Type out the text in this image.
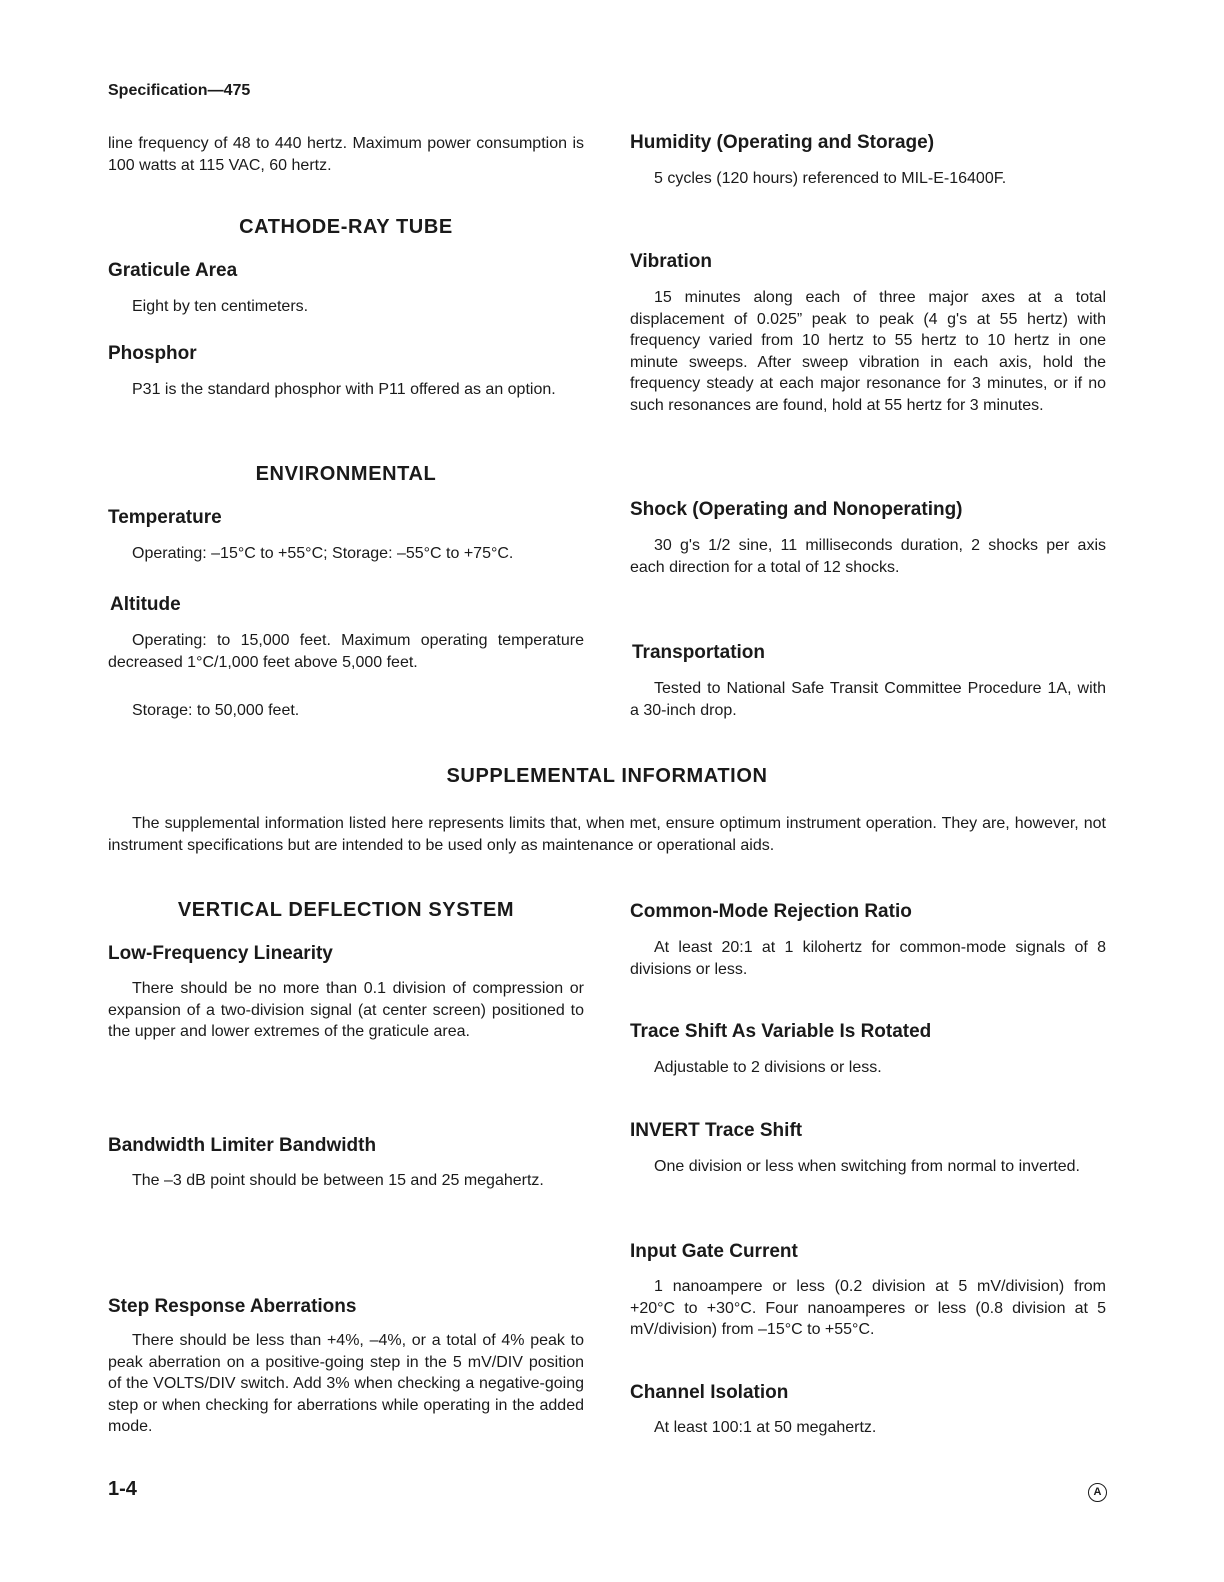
Specification—475
line frequency of 48 to 440 hertz. Maximum power consumption is 100 watts at 115 VAC, 60 hertz.
CATHODE-RAY TUBE
Graticule Area
Eight by ten centimeters.
Phosphor
P31 is the standard phosphor with P11 offered as an option.
ENVIRONMENTAL
Temperature
Operating: –15°C to +55°C; Storage: –55°C to +75°C.
Altitude
Operating: to 15,000 feet. Maximum operating temperature decreased 1°C/1,000 feet above 5,000 feet.
Storage: to 50,000 feet.
Humidity (Operating and Storage)
5 cycles (120 hours) referenced to MIL-E-16400F.
Vibration
15 minutes along each of three major axes at a total displacement of 0.025” peak to peak (4 g's at 55 hertz) with frequency varied from 10 hertz to 55 hertz to 10 hertz in one minute sweeps. After sweep vibration in each axis, hold the frequency steady at each major resonance for 3 minutes, or if no such resonances are found, hold at 55 hertz for 3 minutes.
Shock (Operating and Nonoperating)
30 g's 1/2 sine, 11 milliseconds duration, 2 shocks per axis each direction for a total of 12 shocks.
Transportation
Tested to National Safe Transit Committee Procedure 1A, with a 30-inch drop.
SUPPLEMENTAL INFORMATION
The supplemental information listed here represents limits that, when met, ensure optimum instrument operation. They are, however, not instrument specifications but are intended to be used only as maintenance or operational aids.
VERTICAL DEFLECTION SYSTEM
Low-Frequency Linearity
There should be no more than 0.1 division of compression or expansion of a two-division signal (at center screen) positioned to the upper and lower extremes of the graticule area.
Bandwidth Limiter Bandwidth
The –3 dB point should be between 15 and 25 megahertz.
Step Response Aberrations
There should be less than +4%, –4%, or a total of 4% peak to peak aberration on a positive-going step in the 5 mV/DIV position of the VOLTS/DIV switch. Add 3% when checking a negative-going step or when checking for aberrations while operating in the added mode.
Common-Mode Rejection Ratio
At least 20:1 at 1 kilohertz for common-mode signals of 8 divisions or less.
Trace Shift As Variable Is Rotated
Adjustable to 2 divisions or less.
INVERT Trace Shift
One division or less when switching from normal to inverted.
Input Gate Current
1 nanoampere or less (0.2 division at 5 mV/division) from +20°C to +30°C. Four nanoamperes or less (0.8 division at 5 mV/division) from –15°C to +55°C.
Channel Isolation
At least 100:1 at 50 megahertz.
1-4	A
